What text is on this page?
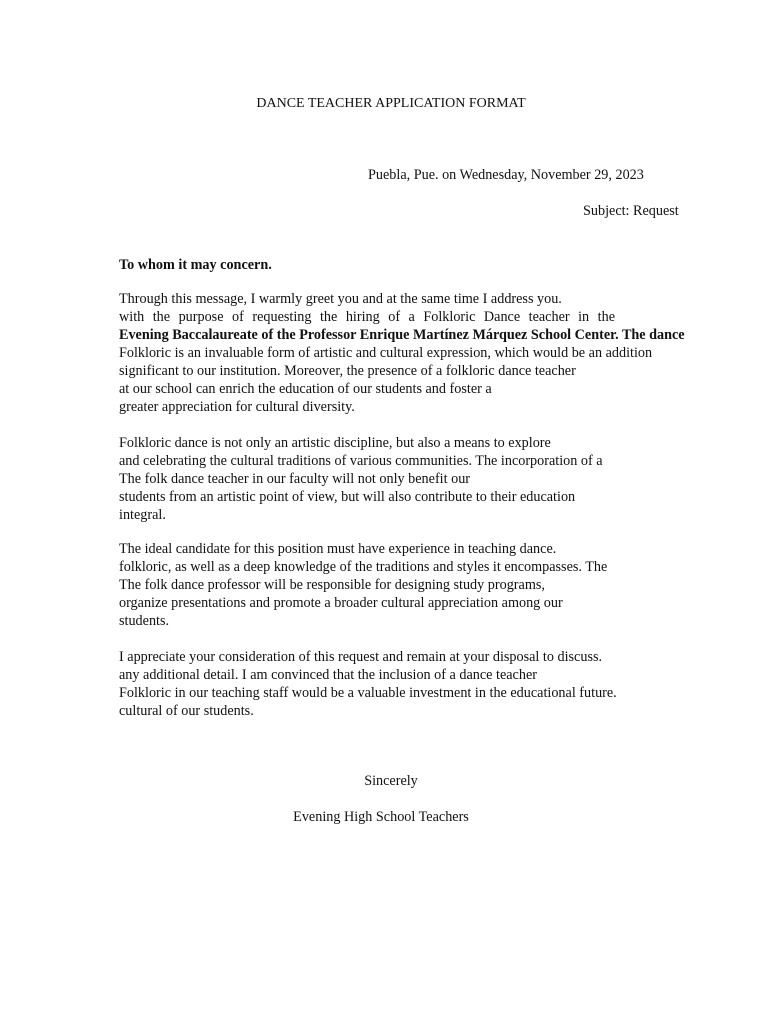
DANCE TEACHER APPLICATION FORMAT

Puebla, Pue. on Wednesday, November 29, 2023

Subject: Request

To whom it may concern.

Through this message, I warmly greet you and at the same time I address you.
with the purpose of requesting the hiring of a Folkloric Dance teacher in the
Evening Baccalaureate of the Professor Enrique Martínez Márquez School Center. The dance
Folkloric is an invaluable form of artistic and cultural expression, which would be an addition
significant to our institution. Moreover, the presence of a folkloric dance teacher
at our school can enrich the education of our students and foster a
greater appreciation for cultural diversity.
Folkloric dance is not only an artistic discipline, but also a means to explore
and celebrating the cultural traditions of various communities. The incorporation of a
The folk dance teacher in our faculty will not only benefit our
students from an artistic point of view, but will also contribute to their education
integral.
The ideal candidate for this position must have experience in teaching dance.
folkloric, as well as a deep knowledge of the traditions and styles it encompasses. The
The folk dance professor will be responsible for designing study programs,
organize presentations and promote a broader cultural appreciation among our
students.
I appreciate your consideration of this request and remain at your disposal to discuss.
any additional detail. I am convinced that the inclusion of a dance teacher
Folkloric in our teaching staff would be a valuable investment in the educational future.
cultural of our students.

Sincerely

Evening High School Teachers
